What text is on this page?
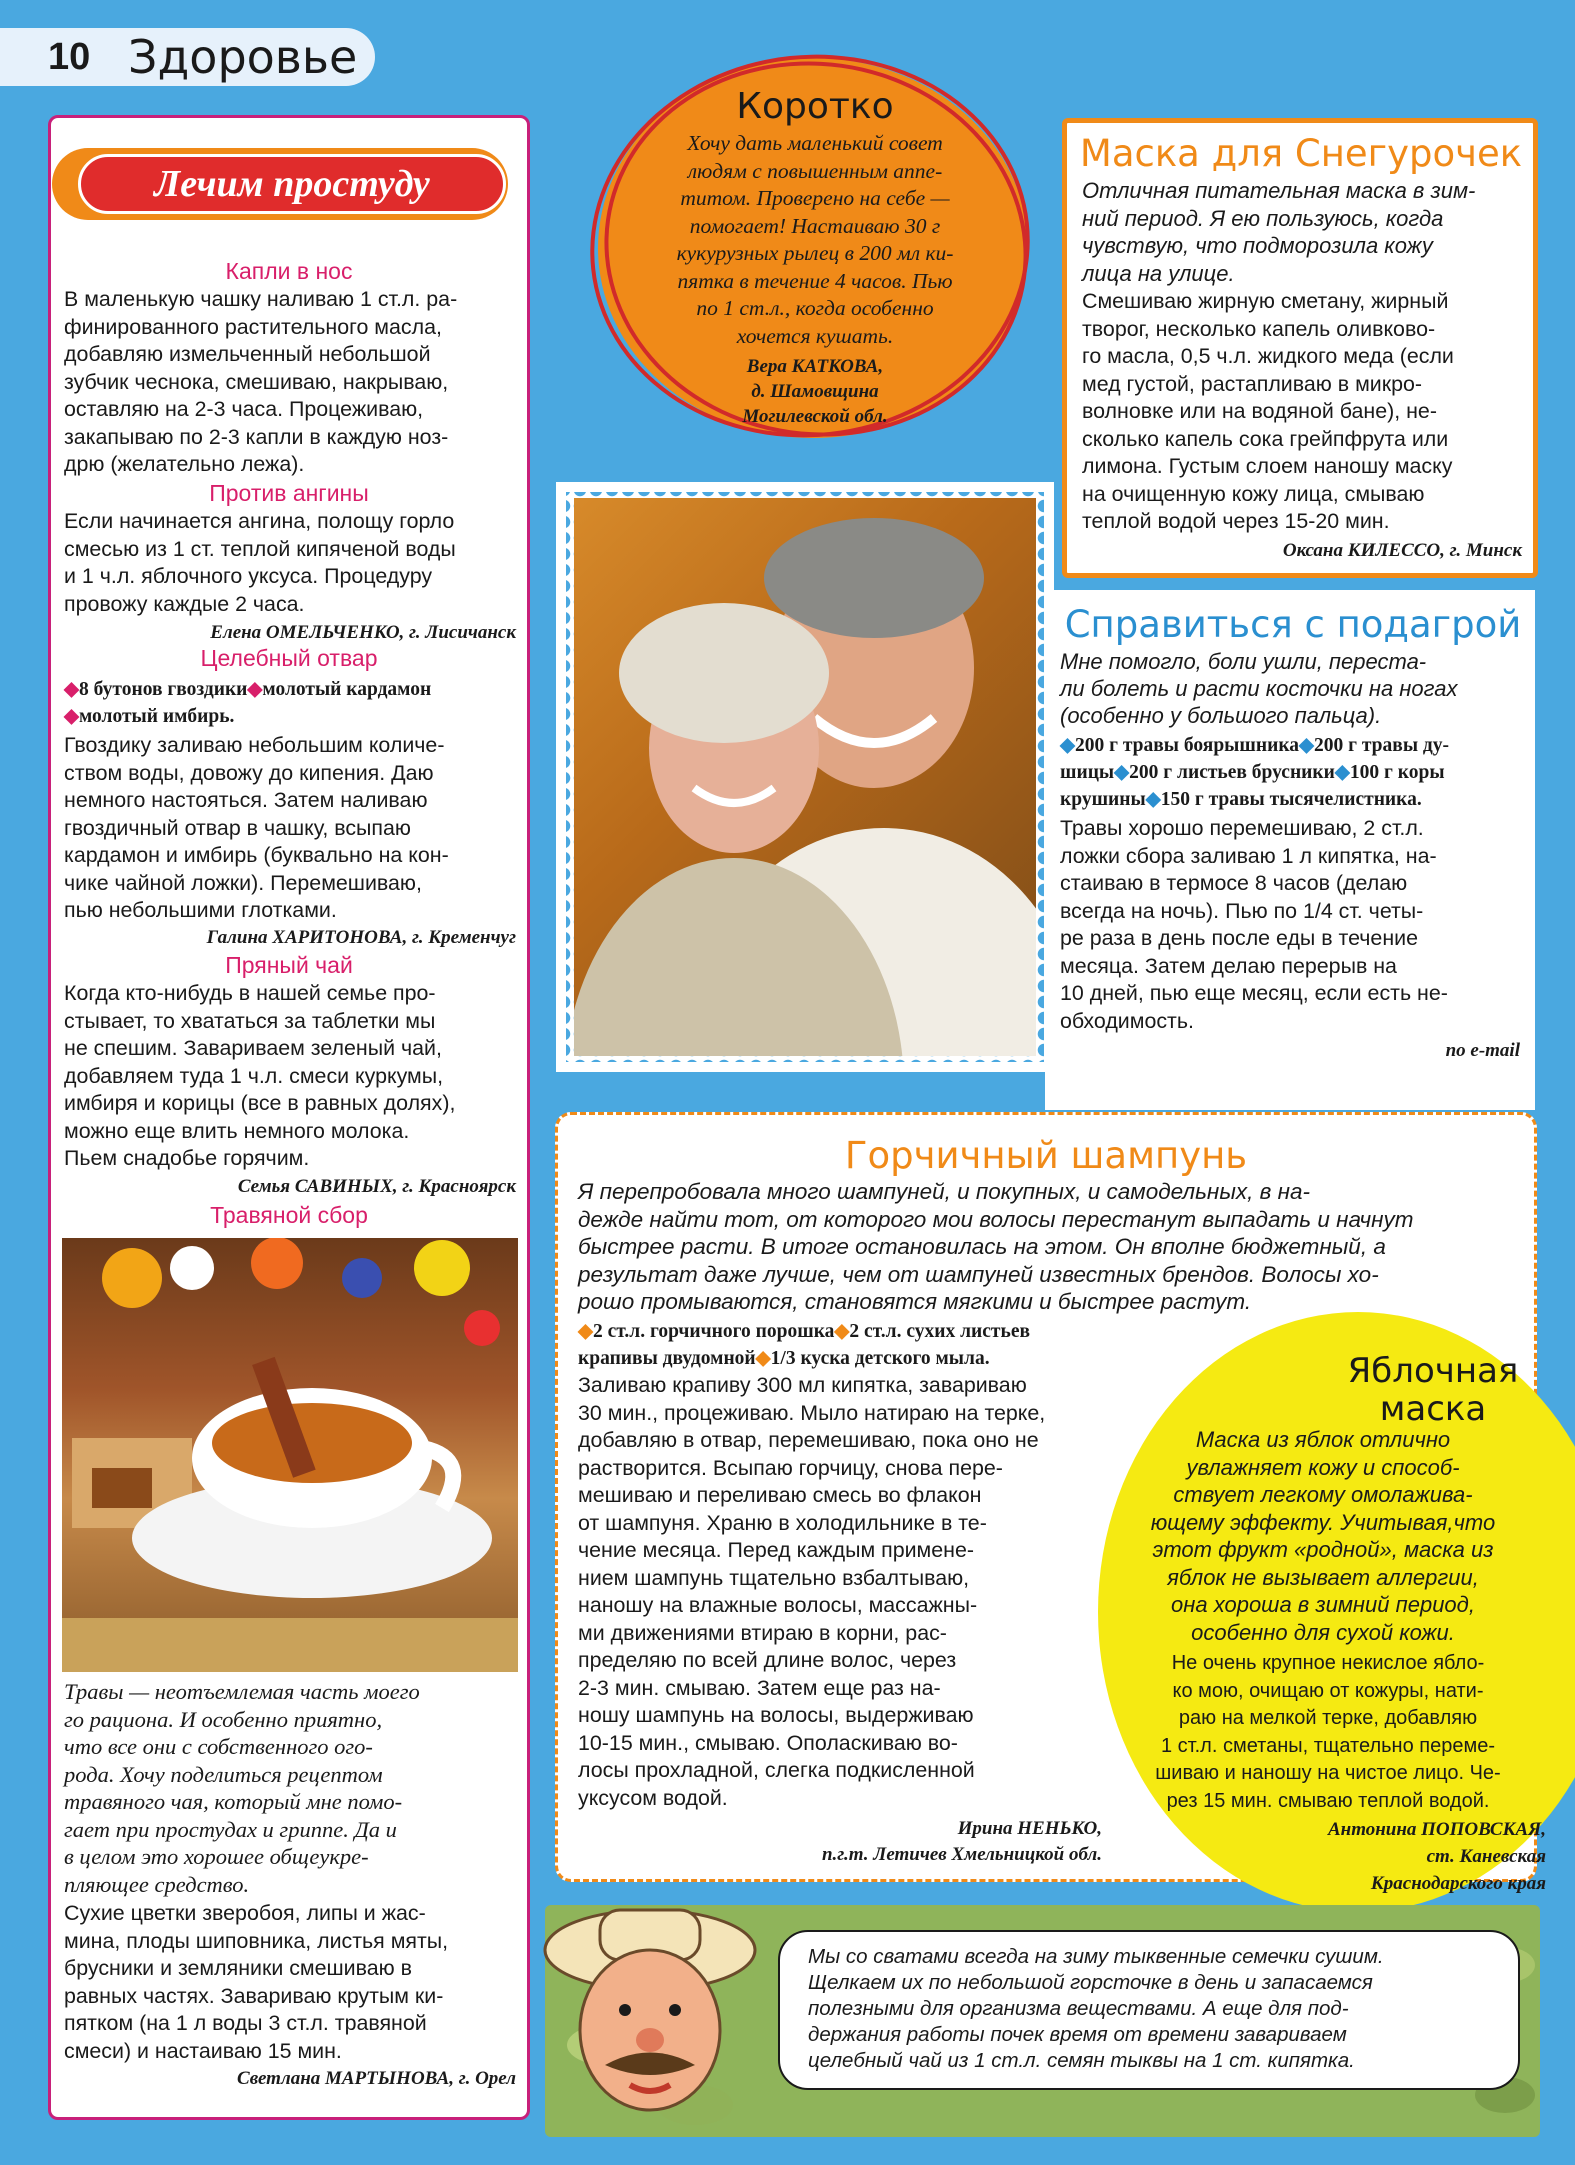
10 Здоровье
Лечим простуду
Капли в нос
В маленькую чашку наливаю 1 ст.л. ра-
финированного растительного масла,
добавляю измельченный небольшой
зубчик чеснока, смешиваю, накрываю,
оставляю на 2-3 часа. Процеживаю,
закапываю по 2-3 капли в каждую ноз-
дрю (желательно лежа).
Против ангины
Если начинается ангина, полощу горло
смесью из 1 ст. теплой кипяченой воды
и 1 ч.л. яблочного уксуса. Процедуру
провожу каждые 2 часа.
Елена ОМЕЛЬЧЕНКО, г. Лисичанск
Целебный отвар
◆8 бутонов гвоздики◆молотый кардамон
◆молотый имбирь.
Гвоздику заливаю небольшим количе-
ством воды, довожу до кипения. Даю
немного настояться. Затем наливаю
гвоздичный отвар в чашку, всыпаю
кардамон и имбирь (буквально на кон-
чике чайной ложки). Перемешиваю,
пью небольшими глотками.
Галина ХАРИТОНОВА, г. Кременчуг
Пряный чай
Когда кто-нибудь в нашей семье про-
стывает, то хвататься за таблетки мы
не спешим. Завариваем зеленый чай,
добавляем туда 1 ч.л. смеси куркумы,
имбиря и корицы (все в равных долях),
можно еще влить немного молока.
Пьем снадобье горячим.
Семья САВИНЫХ, г. Красноярск
Травяной сбор
Травы — неотъемлемая часть моего
го рациона. И особенно приятно,
что все они с собственного ого-
рода. Хочу поделиться рецептом
травяного чая, который мне помо-
гает при простудах и гриппе. Да и
в целом это хорошее общеукре-
пляющее средство.
Сухие цветки зверобоя, липы и жас-
мина, плоды шиповника, листья мяты,
брусники и земляники смешиваю в
равных частях. Завариваю крутым ки-
пятком (на 1 л воды 3 ст.л. травяной
смеси) и настаиваю 15 мин.
Светлана МАРТЫНОВА, г. Орел
Коротко
Хочу дать маленький совет
людям с повышенным аппе-
титом. Проверено на себе —
помогает! Настаиваю 30 г
кукурузных рылец в 200 мл ки-
пятка в течение 4 часов. Пью
по 1 ст.л., когда особенно
хочется кушать.
Вера КАТКОВА,
д. Шамовщина
Могилевской обл.
Маска для Снегурочек
Отличная питательная маска в зим-
ний период. Я ею пользуюсь, когда
чувствую, что подморозила кожу
лица на улице.
Смешиваю жирную сметану, жирный
творог, несколько капель оливково-
го масла, 0,5 ч.л. жидкого меда (если
мед густой, растапливаю в микро-
волновке или на водяной бане), не-
сколько капель сока грейпфрута или
лимона. Густым слоем наношу маску
на очищенную кожу лица, смываю
теплой водой через 15-20 мин.
Оксана КИЛЕССО, г. Минск
Справиться с подагрой
Мне помогло, боли ушли, переста-
ли болеть и расти косточки на ногах
(особенно у большого пальца).
◆200 г травы боярышника◆200 г травы ду-
шицы◆200 г листьев брусники◆100 г коры
крушины◆150 г травы тысячелистника.
Травы хорошо перемешиваю, 2 ст.л.
ложки сбора заливаю 1 л кипятка, на-
стаиваю в термосе 8 часов (делаю
всегда на ночь). Пью по 1/4 ст. четы-
ре раза в день после еды в течение
месяца. Затем делаю перерыв на
10 дней, пью еще месяц, если есть не-
обходимость.
по e-mail
Горчичный шампунь
Я перепробовала много шампуней, и покупных, и самодельных, в на-
дежде найти тот, от которого мои волосы перестанут выпадать и начнут
быстрее расти. В итоге остановилась на этом. Он вполне бюджетный, а
результат даже лучше, чем от шампуней известных брендов. Волосы хо-
рошо промываются, становятся мягкими и быстрее растут.
◆2 ст.л. горчичного порошка◆2 ст.л. сухих листьев
крапивы двудомной◆1/3 куска детского мыла.
Заливаю крапиву 300 мл кипятка, завариваю
30 мин., процеживаю. Мыло натираю на терке,
добавляю в отвар, перемешиваю, пока оно не
растворится. Всыпаю горчицу, снова пере-
мешиваю и переливаю смесь во флакон
от шампуня. Храню в холодильнике в те-
чение месяца. Перед каждым примене-
нием шампунь тщательно взбалтываю,
наношу на влажные волосы, массажны-
ми движениями втираю в корни, рас-
пределяю по всей длине волос, через
2-3 мин. смываю. Затем еще раз на-
ношу шампунь на волосы, выдерживаю
10-15 мин., смываю. Ополаскиваю во-
лосы прохладной, слегка подкисленной
уксусом водой.
Ирина НЕНЬКО,
п.г.т. Летичев Хмельницкой обл.
Яблочная
маска
Маска из яблок отлично
увлажняет кожу и способ-
ствует легкому омолажива-
ющему эффекту. Учитывая,что
этот фрукт «родной», маска из
яблок не вызывает аллергии,
она хороша в зимний период,
особенно для сухой кожи.
Не очень крупное некислое ябло-
ко мою, очищаю от кожуры, нати-
раю на мелкой терке, добавляю
1 ст.л. сметаны, тщательно переме-
шиваю и наношу на чистое лицо. Че-
рез 15 мин. смываю теплой водой.
Антонина ПОПОВСКАЯ,
ст. Каневская
Краснодарского края
Мы со сватами всегда на зиму тыквенные семечки сушим.
Щелкаем их по небольшой горсточке в день и запасаемся
полезными для организма веществами. А еще для под-
держания работы почек время от времени завариваем
целебный чай из 1 ст.л. семян тыквы на 1 ст. кипятка.
